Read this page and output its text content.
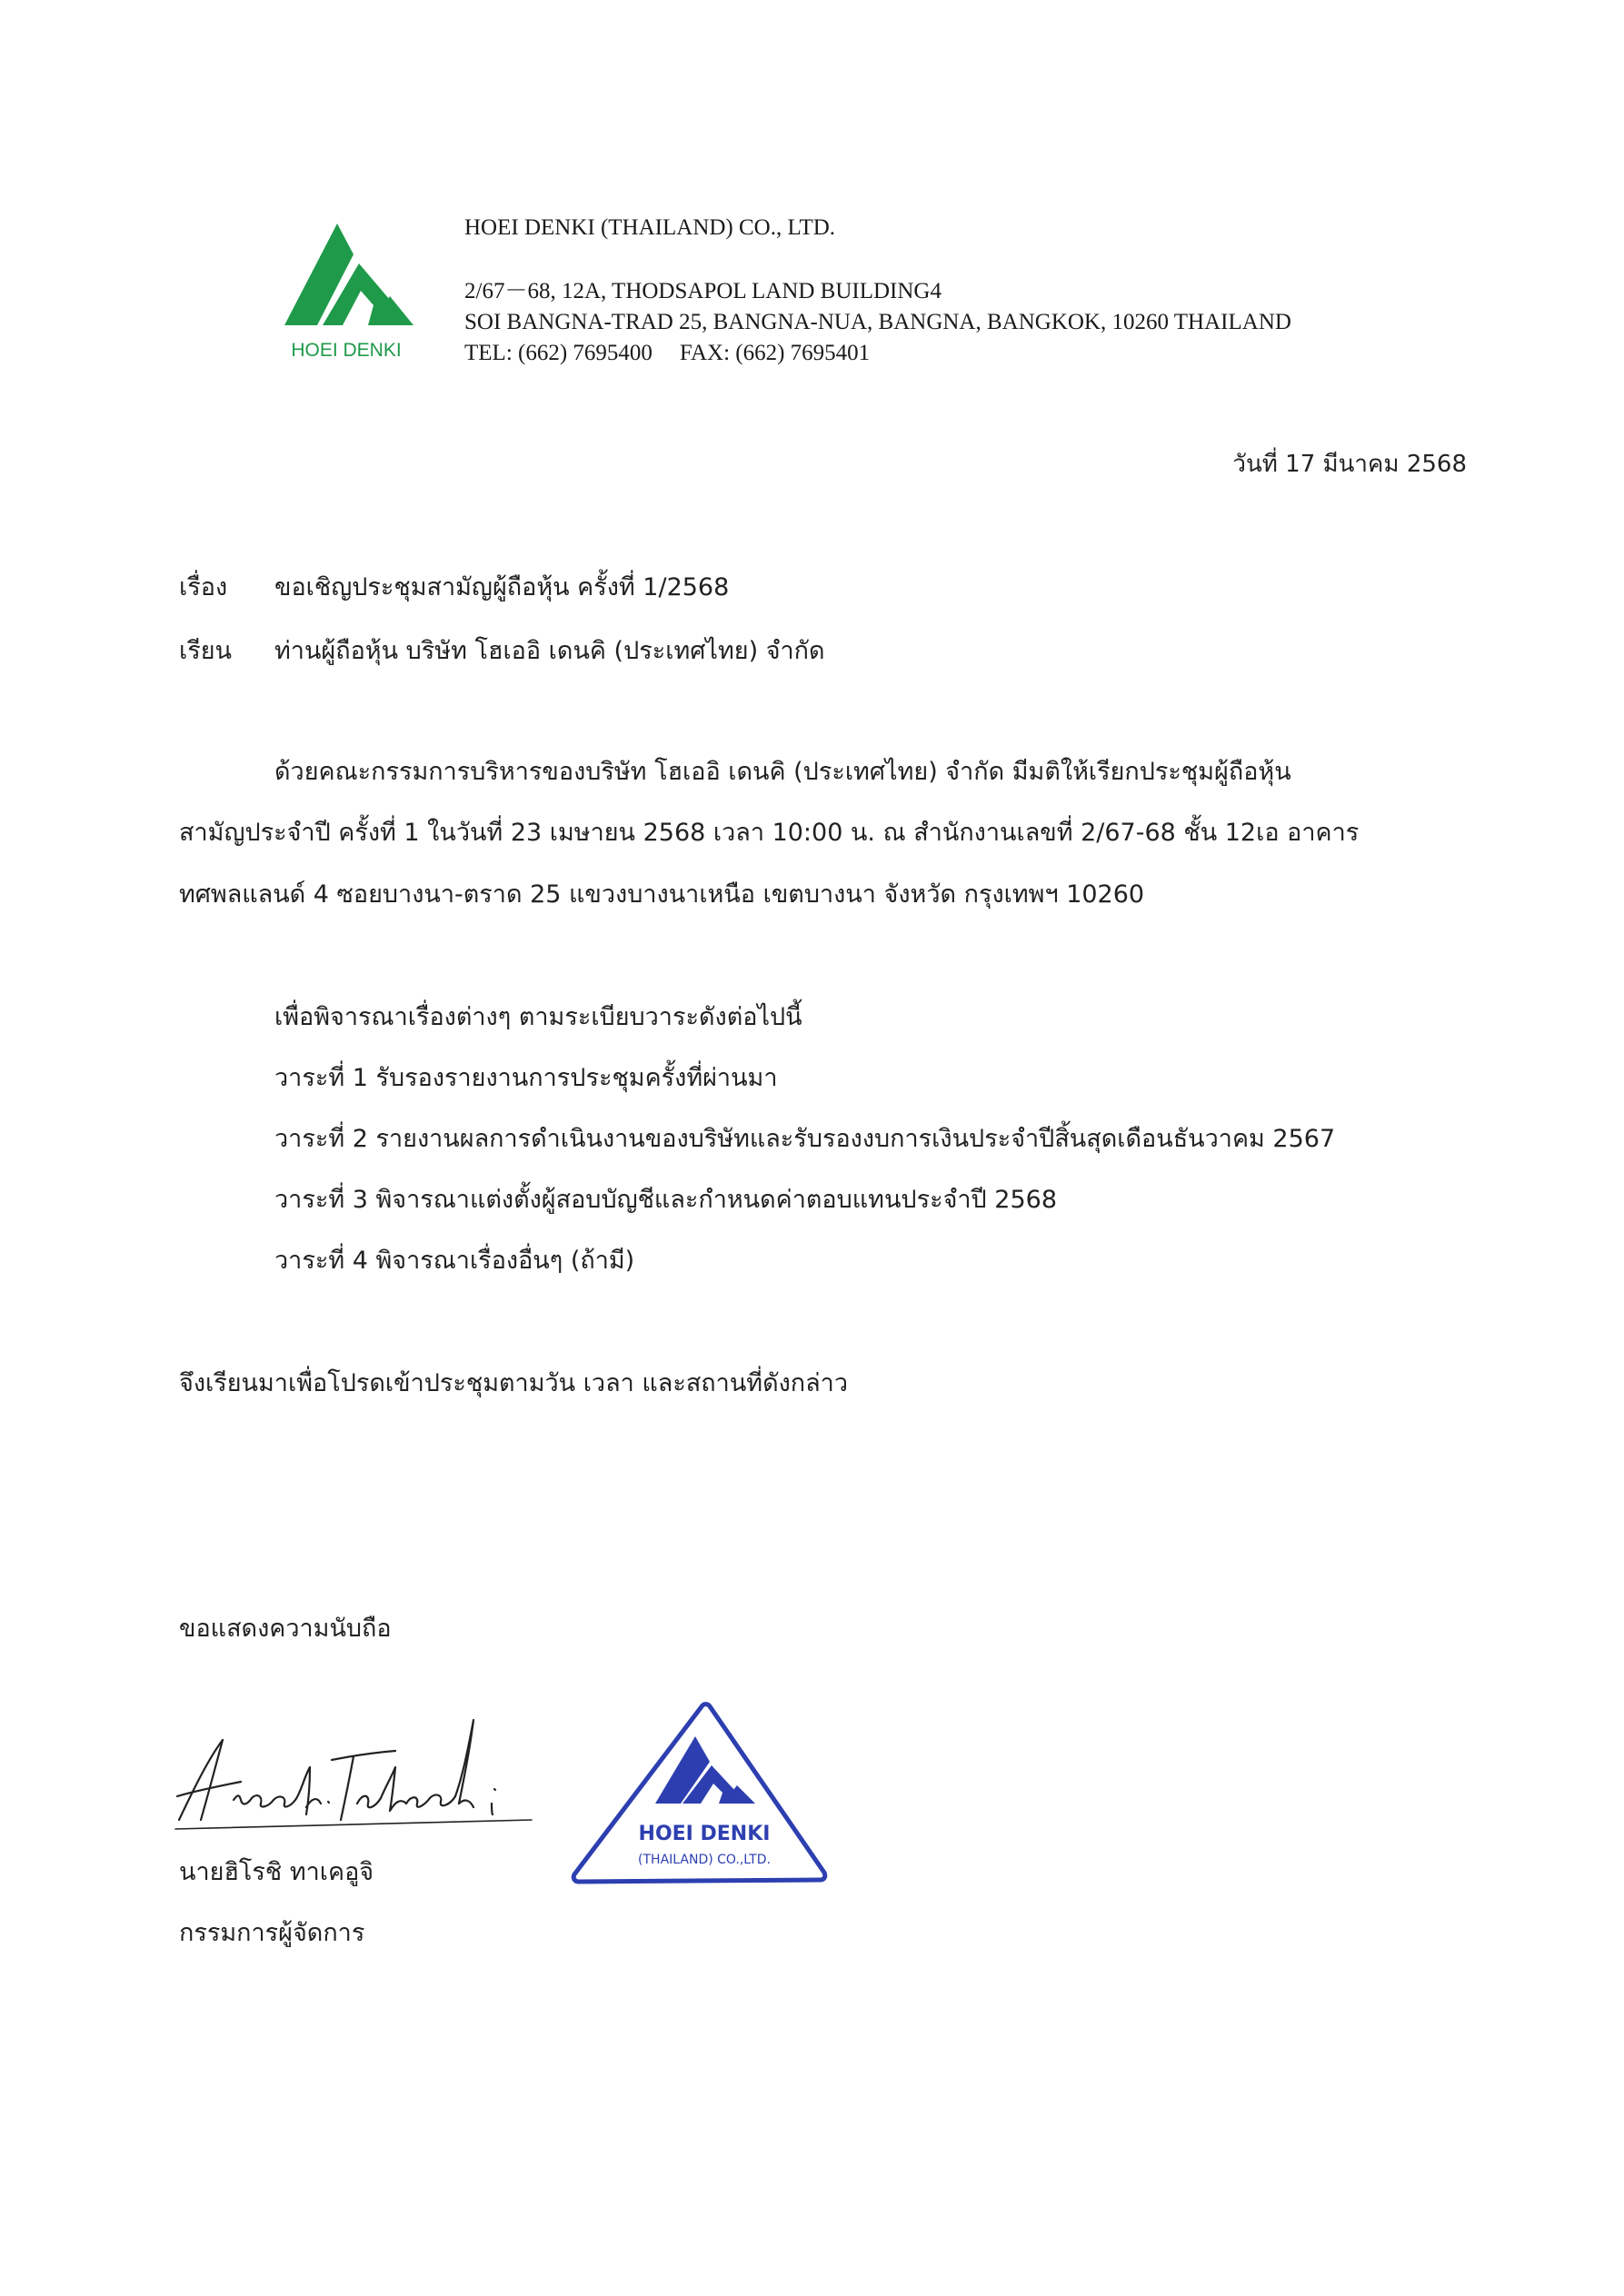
HOEI DENKI
HOEI DENKI (THAILAND) CO., LTD.
2/67－68, 12A, THODSAPOL LAND BUILDING4
SOI BANGNA-TRAD 25, BANGNA-NUA, BANGNA, BANGKOK, 10260 THAILAND
TEL: (662) 7695400 FAX: (662) 7695401
วันที่ 17 มีนาคม 2568
เรื่อง ขอเชิญประชุมสามัญผู้ถือหุ้น ครั้งที่ 1/2568
เรียน ท่านผู้ถือหุ้น บริษัท โฮเออิ เดนคิ (ประเทศไทย) จำกัด
ด้วยคณะกรรมการบริหารของบริษัท โฮเออิ เดนคิ (ประเทศไทย) จำกัด มีมติให้เรียกประชุมผู้ถือหุ้น
สามัญประจำปี ครั้งที่ 1 ในวันที่ 23 เมษายน 2568 เวลา 10:00 น. ณ สำนักงานเลขที่ 2/67-68 ชั้น 12เอ อาคาร
ทศพลแลนด์ 4 ซอยบางนา-ตราด 25 แขวงบางนาเหนือ เขตบางนา จังหวัด กรุงเทพฯ 10260
เพื่อพิจารณาเรื่องต่างๆ ตามระเบียบวาระดังต่อไปนี้
วาระที่ 1 รับรองรายงานการประชุมครั้งที่ผ่านมา
วาระที่ 2 รายงานผลการดำเนินงานของบริษัทและรับรองงบการเงินประจำปีสิ้นสุดเดือนธันวาคม 2567
วาระที่ 3 พิจารณาแต่งตั้งผู้สอบบัญชีและกำหนดค่าตอบแทนประจำปี 2568
วาระที่ 4 พิจารณาเรื่องอื่นๆ (ถ้ามี)
จึงเรียนมาเพื่อโปรดเข้าประชุมตามวัน เวลา และสถานที่ดังกล่าว
ขอแสดงความนับถือ
HOEI DENKI
(THAILAND) CO.,LTD.
นายฮิโรชิ ทาเคอูจิ
กรรมการผู้จัดการ
